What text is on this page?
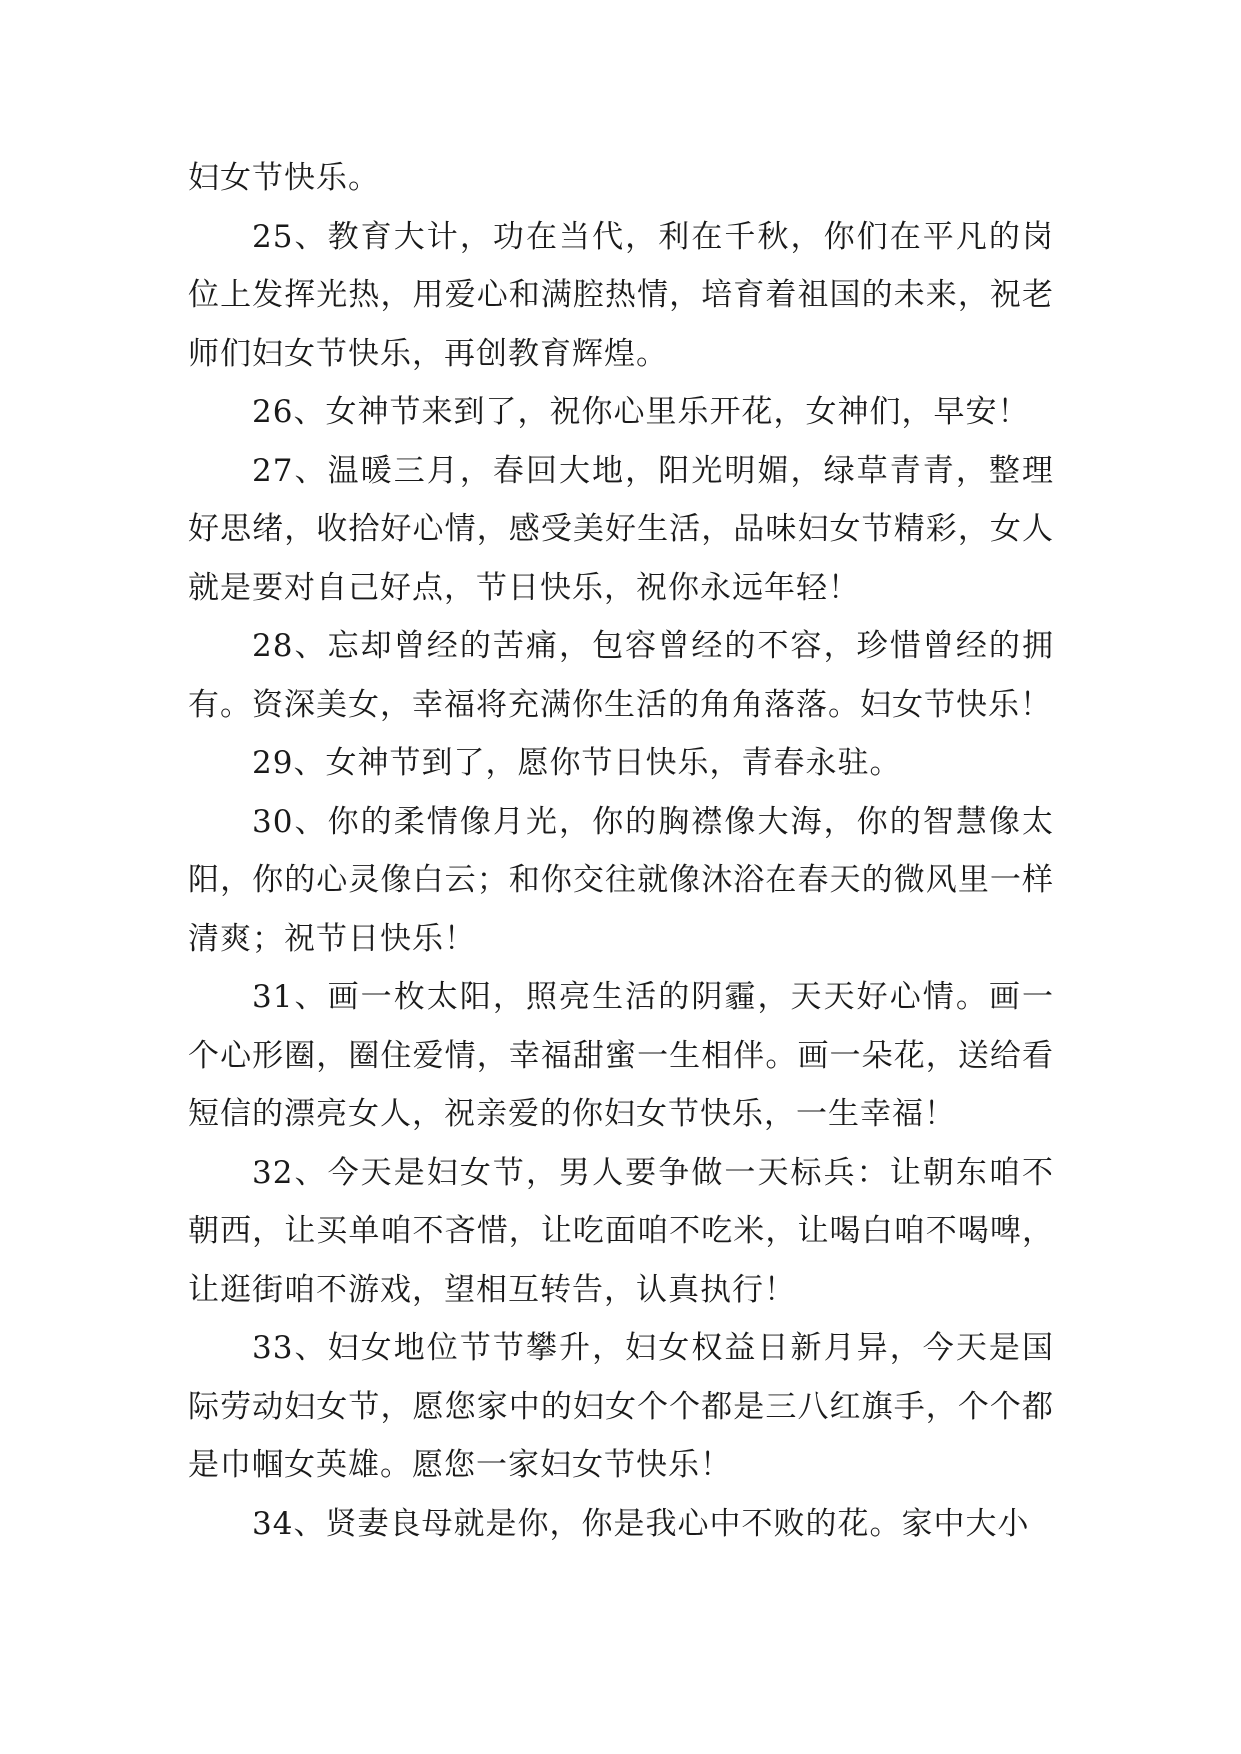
妇女节快乐。

25、教育大计，功在当代，利在千秋，你们在平凡的岗位上发挥光热，用爱心和满腔热情，培育着祖国的未来，祝老师们妇女节快乐，再创教育辉煌。

26、女神节来到了，祝你心里乐开花，女神们，早安！

27、温暖三月，春回大地，阳光明媚，绿草青青，整理好思绪，收拾好心情，感受美好生活，品味妇女节精彩，女人就是要对自己好点，节日快乐，祝你永远年轻！

28、忘却曾经的苦痛，包容曾经的不容，珍惜曾经的拥有。资深美女，幸福将充满你生活的角角落落。妇女节快乐！

29、女神节到了，愿你节日快乐，青春永驻。

30、你的柔情像月光，你的胸襟像大海，你的智慧像太阳，你的心灵像白云；和你交往就像沐浴在春天的微风里一样清爽；祝节日快乐！

31、画一枚太阳，照亮生活的阴霾，天天好心情。画一个心形圈，圈住爱情，幸福甜蜜一生相伴。画一朵花，送给看短信的漂亮女人，祝亲爱的你妇女节快乐，一生幸福！

32、今天是妇女节，男人要争做一天标兵：让朝东咱不朝西，让买单咱不吝惜，让吃面咱不吃米，让喝白咱不喝啤，让逛街咱不游戏，望相互转告，认真执行！

33、妇女地位节节攀升，妇女权益日新月异，今天是国际劳动妇女节，愿您家中的妇女个个都是三八红旗手，个个都是巾帼女英雄。愿您一家妇女节快乐！

34、贤妻良母就是你，你是我心中不败的花。家中大小
